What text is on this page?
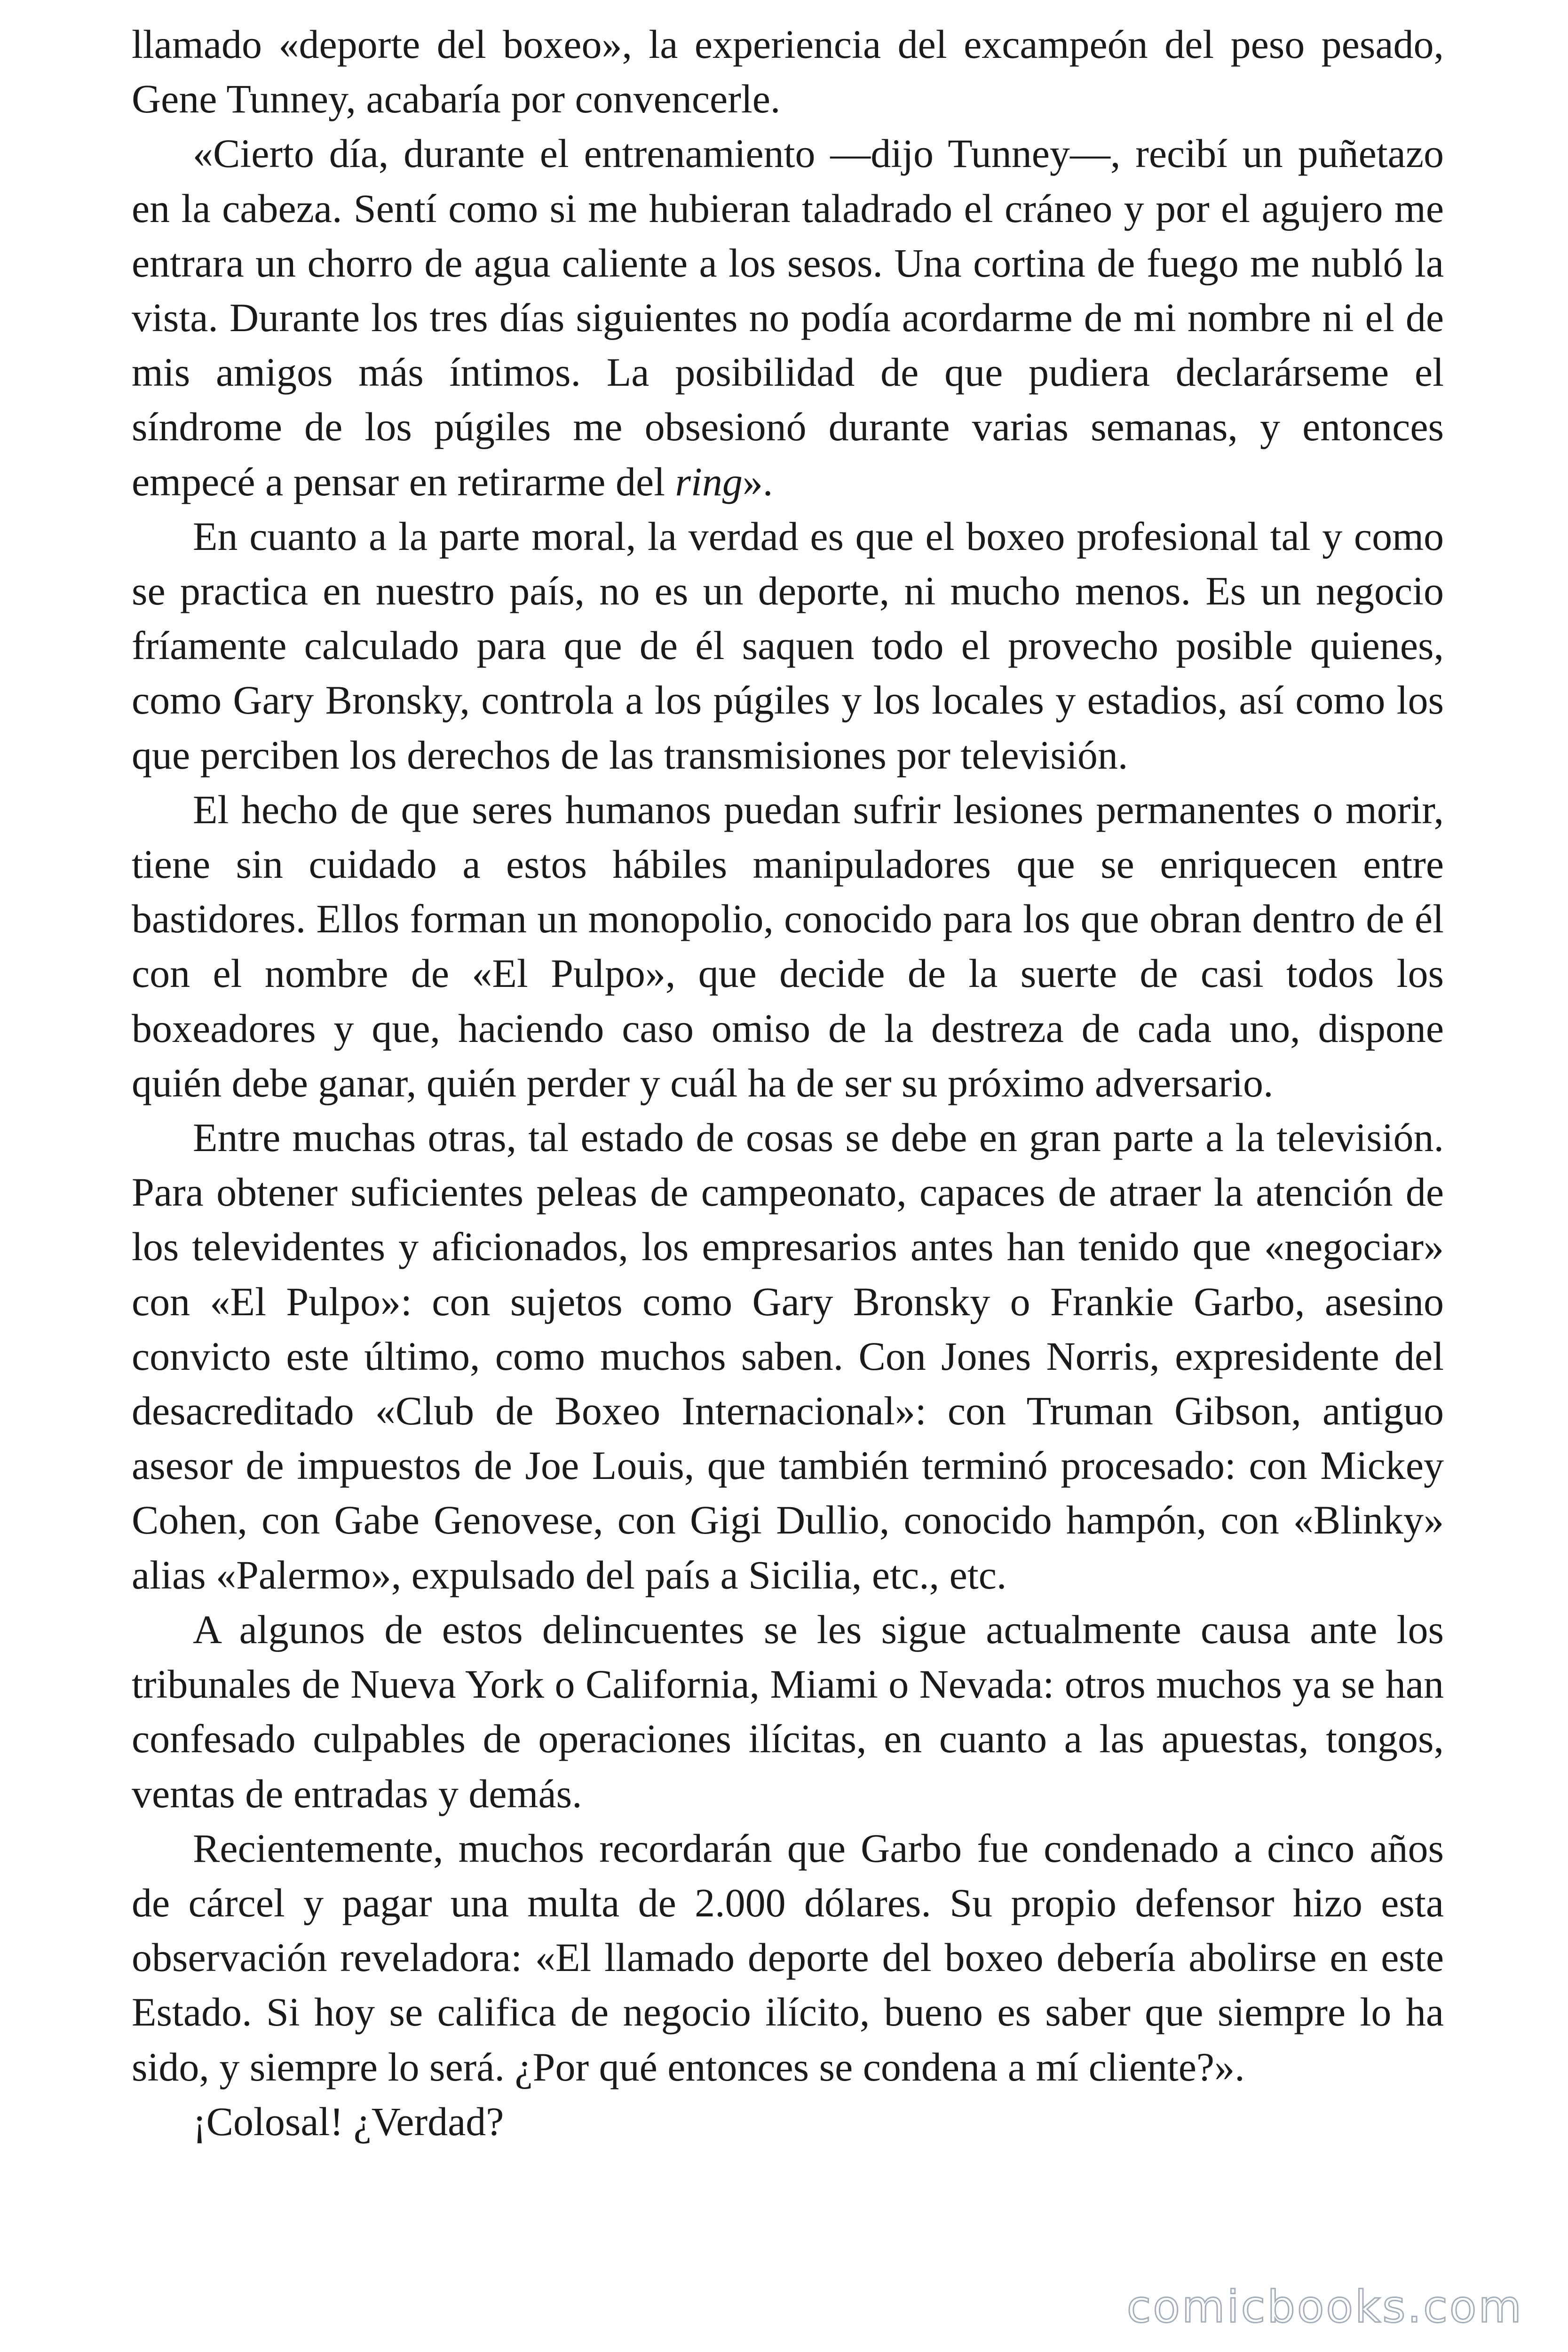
llamado «deporte del boxeo», la experiencia del excampeón del peso pesado, Gene Tunney, acabaría por convencerle.

«Cierto día, durante el entrenamiento —dijo Tunney—, recibí un puñetazo en la cabeza. Sentí como si me hubieran taladrado el cráneo y por el agujero me entrara un chorro de agua caliente a los sesos. Una cortina de fuego me nubló la vista. Durante los tres días siguientes no podía acordarme de mi nombre ni el de mis amigos más íntimos. La posibilidad de que pudiera declarárseme el síndrome de los púgiles me obsesionó durante varias semanas, y entonces empecé a pensar en retirarme del ring».

En cuanto a la parte moral, la verdad es que el boxeo profesional tal y como se practica en nuestro país, no es un deporte, ni mucho menos. Es un negocio fríamente calculado para que de él saquen todo el provecho posible quienes, como Gary Bronsky, controla a los púgiles y los locales y estadios, así como los que perciben los derechos de las transmisiones por televisión.

El hecho de que seres humanos puedan sufrir lesiones permanentes o morir, tiene sin cuidado a estos hábiles manipuladores que se enriquecen entre bastidores. Ellos forman un monopolio, conocido para los que obran dentro de él con el nombre de «El Pulpo», que decide de la suerte de casi todos los boxeadores y que, haciendo caso omiso de la destreza de cada uno, dispone quién debe ganar, quién perder y cuál ha de ser su próximo adversario.

Entre muchas otras, tal estado de cosas se debe en gran parte a la televisión. Para obtener suficientes peleas de campeonato, capaces de atraer la atención de los televidentes y aficionados, los empresarios antes han tenido que «negociar» con «El Pulpo»: con sujetos como Gary Bronsky o Frankie Garbo, asesino convicto este último, como muchos saben. Con Jones Norris, expresidente del desacreditado «Club de Boxeo Internacional»: con Truman Gibson, antiguo asesor de impuestos de Joe Louis, que también terminó procesado: con Mickey Cohen, con Gabe Genovese, con Gigi Dullio, conocido hampón, con «Blinky» alias «Palermo», expulsado del país a Sicilia, etc., etc.

A algunos de estos delincuentes se les sigue actualmente causa ante los tribunales de Nueva York o California, Miami o Nevada: otros muchos ya se han confesado culpables de operaciones ilícitas, en cuanto a las apuestas, tongos, ventas de entradas y demás.

Recientemente, muchos recordarán que Garbo fue condenado a cinco años de cárcel y pagar una multa de 2.000 dólares. Su propio defensor hizo esta observación reveladora: «El llamado deporte del boxeo debería abolirse en este Estado. Si hoy se califica de negocio ilícito, bueno es saber que siempre lo ha sido, y siempre lo será. ¿Por qué entonces se condena a mí cliente?».

¡Colosal! ¿Verdad?

comicbooks.com
